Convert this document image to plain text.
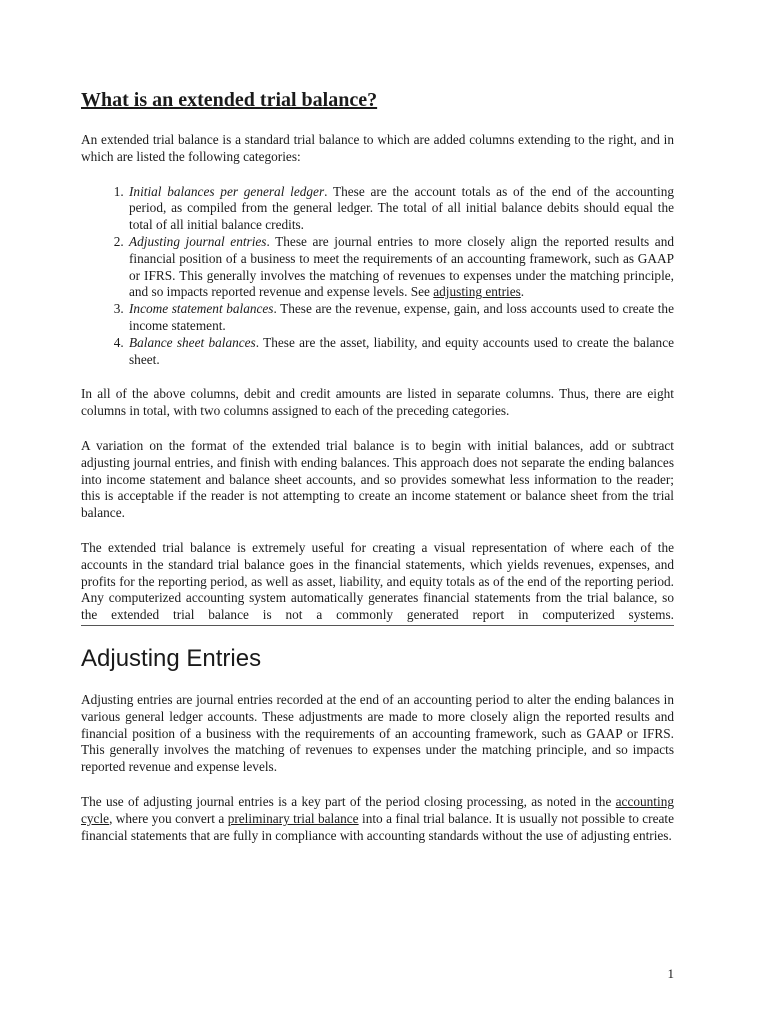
What is an extended trial balance?

An extended trial balance is a standard trial balance to which are added columns extending to the right, and in which are listed the following categories:

1. Initial balances per general ledger. These are the account totals as of the end of the accounting period, as compiled from the general ledger. The total of all initial balance debits should equal the total of all initial balance credits.
2. Adjusting journal entries. These are journal entries to more closely align the reported results and financial position of a business to meet the requirements of an accounting framework, such as GAAP or IFRS. This generally involves the matching of revenues to expenses under the matching principle, and so impacts reported revenue and expense levels. See adjusting entries.
3. Income statement balances. These are the revenue, expense, gain, and loss accounts used to create the income statement.
4. Balance sheet balances. These are the asset, liability, and equity accounts used to create the balance sheet.

In all of the above columns, debit and credit amounts are listed in separate columns. Thus, there are eight columns in total, with two columns assigned to each of the preceding categories.

A variation on the format of the extended trial balance is to begin with initial balances, add or subtract adjusting journal entries, and finish with ending balances. This approach does not separate the ending balances into income statement and balance sheet accounts, and so provides somewhat less information to the reader; this is acceptable if the reader is not attempting to create an income statement or balance sheet from the trial balance.

The extended trial balance is extremely useful for creating a visual representation of where each of the accounts in the standard trial balance goes in the financial statements, which yields revenues, expenses, and profits for the reporting period, as well as asset, liability, and equity totals as of the end of the reporting period. Any computerized accounting system automatically generates financial statements from the trial balance, so the extended trial balance is not a commonly generated report in computerized systems.

Adjusting Entries

Adjusting entries are journal entries recorded at the end of an accounting period to alter the ending balances in various general ledger accounts. These adjustments are made to more closely align the reported results and financial position of a business with the requirements of an accounting framework, such as GAAP or IFRS. This generally involves the matching of revenues to expenses under the matching principle, and so impacts reported revenue and expense levels.

The use of adjusting journal entries is a key part of the period closing processing, as noted in the accounting cycle, where you convert a preliminary trial balance into a final trial balance. It is usually not possible to create financial statements that are fully in compliance with accounting standards without the use of adjusting entries.

1
